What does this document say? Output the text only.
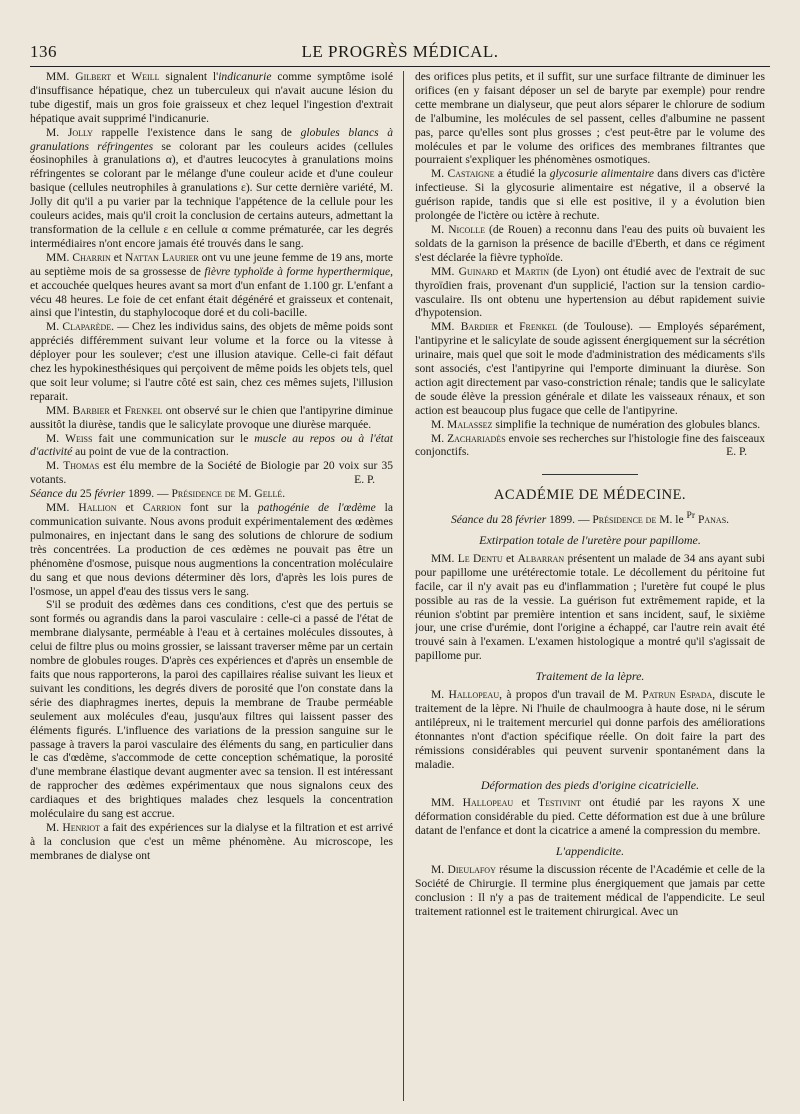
136	LE PROGRÈS MÉDICAL.

MM. Gilbert et Weill signalent l'indicanurie comme symptôme isolé d'insuffisance hépatique, chez un tuberculeux qui n'avait aucune lésion du tube digestif, mais un gros foie graisseux et chez lequel l'ingestion d'extrait hépatique avait supprimé l'indicanurie.

M. Jolly rappelle l'existence dans le sang de globules blancs à granulations réfringentes se colorant par les couleurs acides (cellules éosinophiles à granulations α), et d'autres leucocytes à granulations moins réfringentes se colorant par le mélange d'une couleur acide et d'une couleur basique (cellules neutrophiles à granulations ε). Sur cette dernière variété, M. Jolly dit qu'il a pu varier par la technique l'appétence de la cellule pour les couleurs acides, mais qu'il croit la conclusion de certains auteurs, admettant la transformation de la cellule ε en cellule α comme prématurée, car les degrés intermédiaires n'ont encore jamais été trouvés dans le sang.

MM. Charrin et Nattan Laurier ont vu une jeune femme de 19 ans, morte au septième mois de sa grossesse de fièvre typhoïde à forme hyperthermique, et accouchée quelques heures avant sa mort d'un enfant de 1.100 gr. L'enfant a vécu 48 heures. Le foie de cet enfant était dégénéré et graisseux et contenait, ainsi que l'intestin, du staphylocoque doré et du coli-bacille.

M. Claparède. — Chez les individus sains, des objets de même poids sont appréciés différemment suivant leur volume et la force ou la vitesse à déployer pour les soulever; c'est une illusion atavique. Celle-ci fait défaut chez les hypokinesthésiques qui perçoivent de même poids les objets tels, quel que soit leur volume; si l'autre côté est sain, chez ces mêmes sujets, l'illusion reparait.

MM. Barbier et Frenkel ont observé sur le chien que l'antipyrine diminue aussitôt la diurèse, tandis que le salicylate provoque une diurèse marquée.

M. Weiss fait une communication sur le muscle au repos ou à l'état d'activité au point de vue de la contraction.

M. Thomas est élu membre de la Société de Biologie par 20 voix sur 35 votants.	E. P.

Séance du 25 février 1899. — Présidence de M. Gellé.

MM. Hallion et Carrion font sur la pathogénie de l'œdème la communication suivante. Nous avons produit expérimentalement des œdèmes pulmonaires, en injectant dans le sang des solutions de chlorure de sodium très concentrées. La production de ces œdèmes ne pouvait pas être un phénomène d'osmose, puisque nous augmentions la concentration moléculaire du sang et que nous devions déterminer dès lors, d'après les lois pures de l'osmose, un appel d'eau des tissus vers le sang.

S'il se produit des œdèmes dans ces conditions, c'est que des pertuis se sont formés ou agrandis dans la paroi vasculaire : celle-ci a passé de l'état de membrane dialysante, perméable à l'eau et à certaines molécules dissoutes, à celui de filtre plus ou moins grossier, se laissant traverser même par un certain nombre de globules rouges. D'après ces expériences et d'après un ensemble de faits que nous rapporterons, la paroi des capillaires réalise suivant les lieux et suivant les conditions, les degrés divers de porosité que l'on constate dans la série des diaphragmes inertes, depuis la membrane de Traube perméable seulement aux molécules d'eau, jusqu'aux filtres qui laissent passer des éléments figurés. L'influence des variations de la pression sanguine sur le passage à travers la paroi vasculaire des éléments du sang, en particulier dans le cas d'œdème, s'accommode de cette conception schématique, la porosité d'une membrane élastique devant augmenter avec sa tension. Il est intéressant de rapprocher des œdèmes expérimentaux que nous signalons ceux des cardiaques et des brightiques malades chez lesquels la concentration moléculaire du sang est accrue.

M. Henriot a fait des expériences sur la dialyse et la filtration et est arrivé à la conclusion que c'est un même phénomène. Au microscope, les membranes de dialyse ont

des orifices plus petits, et il suffit, sur une surface filtrante de diminuer les orifices (en y faisant déposer un sel de baryte par exemple) pour rendre cette membrane un dialyseur, que peut alors séparer le chlorure de sodium de l'albumine, les molécules de sel passent, celles d'albumine ne passent pas, parce qu'elles sont plus grosses ; c'est peut-être par le volume des molécules et par le volume des orifices des membranes filtrantes que pourraient s'expliquer les phénomènes osmotiques.

M. Castaigne a étudié la glycosurie alimentaire dans divers cas d'ictère infectieuse. Si la glycosurie alimentaire est négative, il a observé la guérison rapide, tandis que si elle est positive, il y a évolution bien prolongée de l'ictère ou ictère à rechute.

M. Nicolle (de Rouen) a reconnu dans l'eau des puits où buvaient les soldats de la garnison la présence de bacille d'Eberth, et dans ce régiment s'est déclarée la fièvre typhoïde.

MM. Guinard et Martin (de Lyon) ont étudié avec de l'extrait de suc thyroïdien frais, provenant d'un supplicié, l'action sur la tension cardio-vasculaire. Ils ont obtenu une hypertension au début rapidement suivie d'hypotension.

MM. Bardier et Frenkel (de Toulouse). — Employés séparément, l'antipyrine et le salicylate de soude agissent énergiquement sur la sécrétion urinaire, mais quel que soit le mode d'administration des médicaments s'ils sont associés, c'est l'antipyrine qui l'emporte diminuant la diurèse. Son action agit directement par vaso-constriction rénale; tandis que le salicylate de soude élève la pression générale et dilate les vaisseaux rénaux, et son action est beaucoup plus fugace que celle de l'antipyrine.

M. Malassez simplifie la technique de numération des globules blancs.

M. Zachariadès envoie ses recherches sur l'histologie fine des faisceaux conjonctifs.	E. P.

ACADÉMIE DE MÉDECINE.

Séance du 28 février 1899. — Présidence de M. le $^{Pr}$ Panas.

Extirpation totale de l'uretère pour papillome.

MM. Le Dentu et Albarran présentent un malade de 34 ans ayant subi pour papillome une urétérectomie totale. Le décollement du péritoine fut facile, car il n'y avait pas eu d'inflammation ; l'uretère fut coupé le plus possible au ras de la vessie. La guérison fut extrêmement rapide, et la réunion s'obtint par première intention et sans incident, sauf, le sixième jour, une crise d'urémie, dont l'origine a échappé, car l'autre rein avait été trouvé sain à l'examen. L'examen histologique a montré qu'il s'agissait de papillome pur.

Traitement de la lèpre.

M. Hallopeau, à propos d'un travail de M. Patrun Espada, discute le traitement de la lèpre. Ni l'huile de chaulmoogra à haute dose, ni le sérum antilépreux, ni le traitement mercuriel qui donne parfois des améliorations étonnantes n'ont d'action spécifique réelle. On doit faire la part des rémissions considérables qui peuvent survenir spontanément dans la maladie.

Déformation des pieds d'origine cicatricielle.

MM. Hallopeau et Testivint ont étudié par les rayons X une déformation considérable du pied. Cette déformation est due à une brûlure datant de l'enfance et dont la cicatrice a amené la compression du membre.

L'appendicite.

M. Dieulafoy résume la discussion récente de l'Académie et celle de la Société de Chirurgie. Il termine plus énergiquement que jamais par cette conclusion : Il n'y a pas de traitement médical de l'appendicite. Le seul traitement rationnel est le traitement chirurgical. Avec un
